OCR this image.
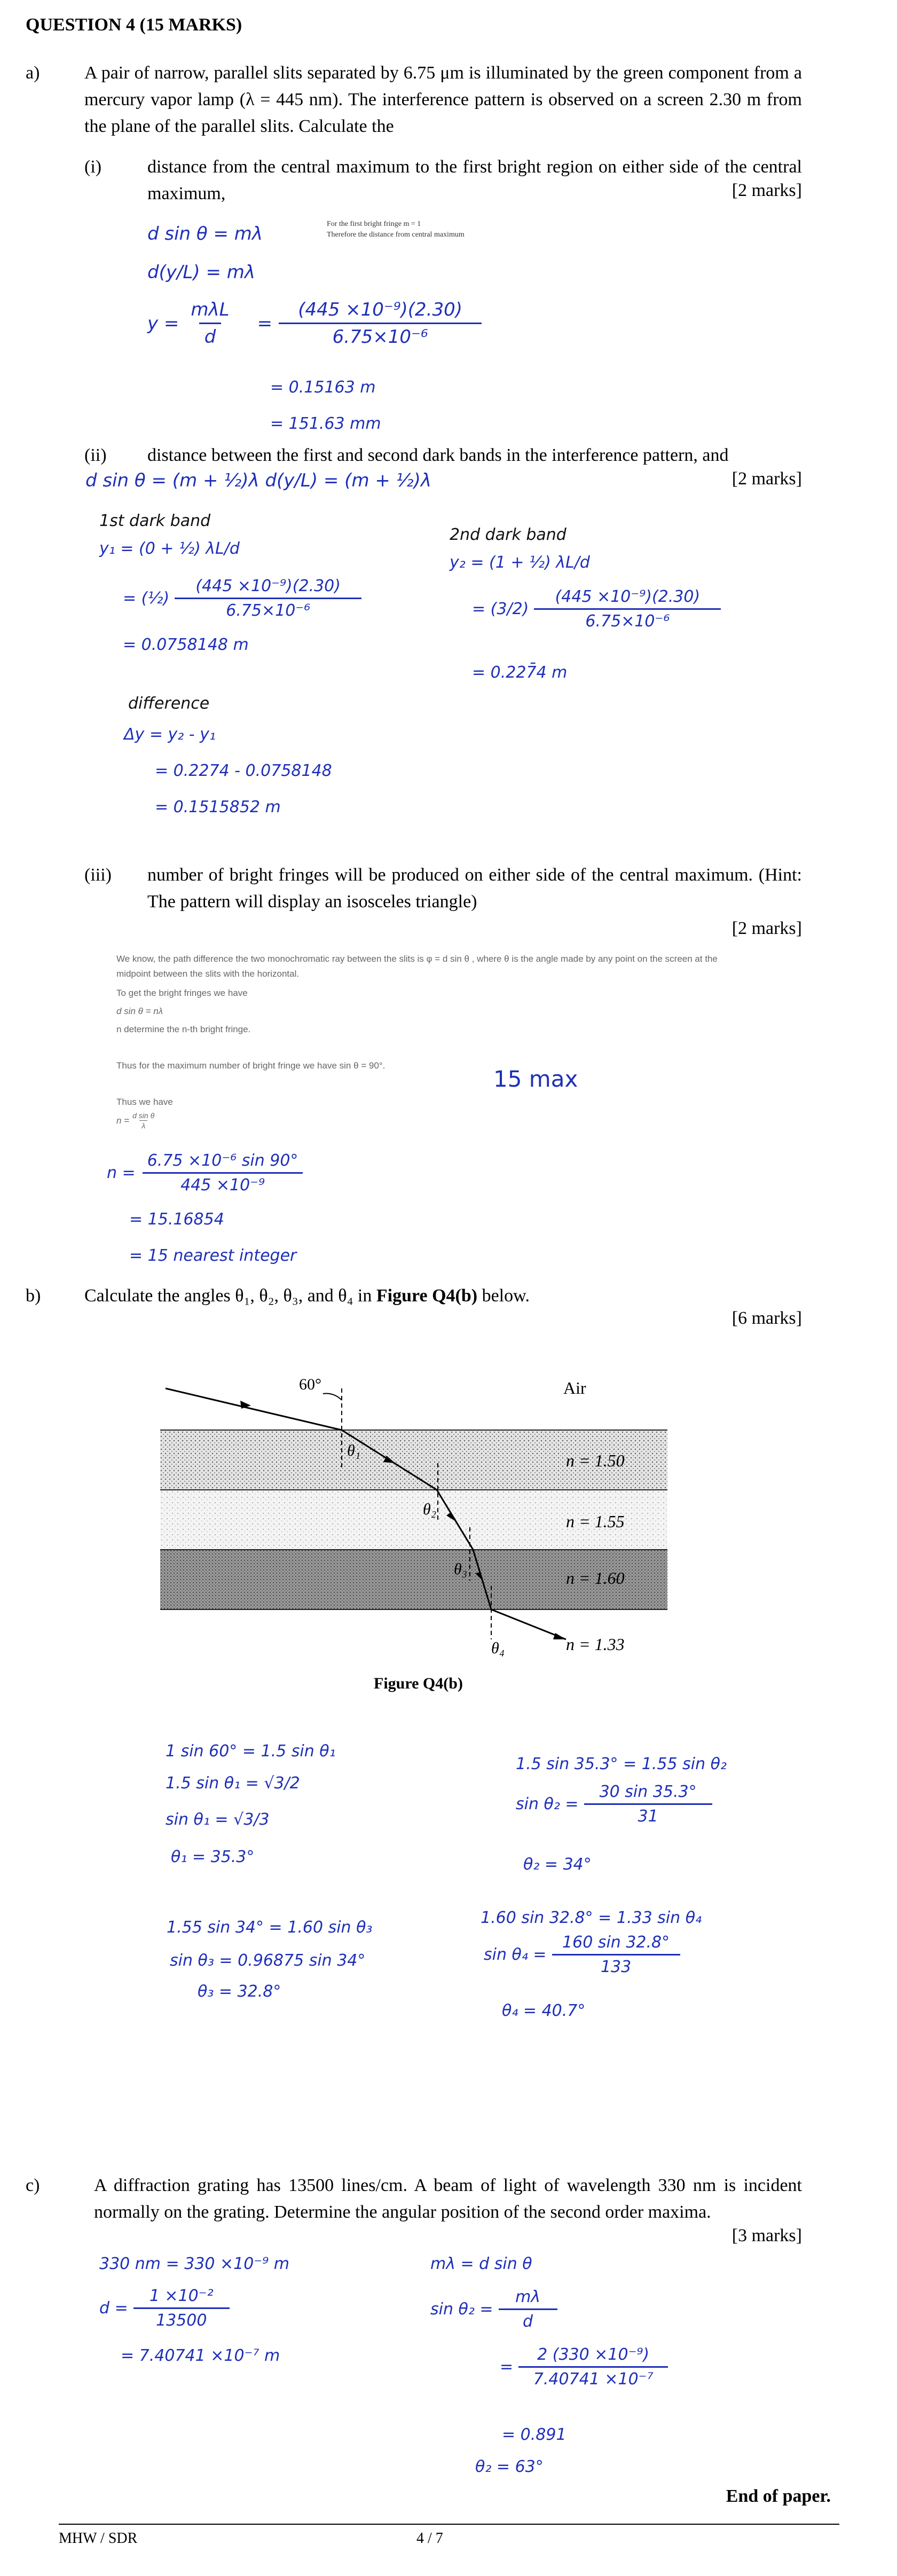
QUESTION 4 (15 MARKS)
a) A pair of narrow, parallel slits separated by 6.75 μm is illuminated by the green component from a mercury vapor lamp (λ = 445 nm). The interference pattern is observed on a screen 2.30 m from the plane of the parallel slits. Calculate the
(i)	distance from the central maximum to the first bright region on either side of the central maximum,	[2 marks]
d sin θ = mλ	For the first bright fringe m = 1
Therefore the distance from central maximum
d(y/L) = mλ
$y = \frac{\text{mλL}}{d} = \frac{\text{(445 ×10⁻⁹)(2.30)}}{\text{6.75×10⁻⁶}}$
= 0.15163 m
= 151.63 mm
(ii) distance between the first and second dark bands in the interference pattern, and
[2 marks]
d sin θ = (m + ½)λ d(y/L) = (m + ½)λ
1st dark band
y₁ = (0 + ½) λL/d
= (½) $\frac{\text{(445 ×10⁻⁹)(2.30)}}{\text{6.75×10⁻⁶}}$
= 0.0758148 m
2nd dark band
y₂ = (1 + ½) λL/d
= $(3/2) \frac{\text{(445 ×10⁻⁹)(2.30)}}{\text{6.75×10⁻⁶}}$
= 0.227̄4 m
difference
Δy = y₂ - y₁
= 0.2274 - 0.0758148
= 0.1515852 m
(iii) number of bright fringes will be produced on either side of the central maximum. (Hint: The pattern will display an isosceles triangle)
[2 marks]
We know, the path difference the two monochromatic ray between the slits is φ = d sin θ , where θ is the angle made by any point on the screen at the midpoint between the slits with the horizontal.
To get the bright fringes we have
d sin θ = nλ
n determine the n-th bright fringe.
Thus for the maximum number of bright fringe we have sin θ = 90°.
15 max
Thus we have
$n = \frac{\text{d sin θ}}{\lambda}$
$n = \frac{\text{6.75 ×10⁻⁶ sin 90°}}{\text{445 ×10⁻⁹}}$
= 15.16854
= 15 nearest integer
b) Calculate the angles θ₁, θ₂, θ₃, and θ₄ in Figure Q4(b) below.
[6 marks]
60°	Air
n = 1.50
n = 1.55
n = 1.60
n = 1.33
θ₁
θ₂
θ₃
θ₄
Figure Q4(b)
1 sin 60° = 1.5 sin θ₁
1.5 sin θ₁ = √3/2
sin θ₁ = √3/3
θ₁ = 35.3°
1.5 sin 35.3° = 1.55 sin θ₂
$\sin \theta_2 = \frac{30 \sin 35.3^\circ}{31}$
θ₂ = 34°
1.55 sin 34° = 1.60 sin θ₃
sin θ₃ = 0.96875 sin 34°
θ₃ = 32.8°
1.60 sin 32.8° = 1.33 sin θ₄
$\sin \theta_4 = \frac{160 \sin 32.8^\circ}{133}$
θ₄ = 40.7°
c)	A diffraction grating has 13500 lines/cm. A beam of light of wavelength 330 nm is incident normally on the grating. Determine the angular position of the second order maxima.
[3 marks]
330 nm = 330 ×10⁻⁹ m
$d = \frac{\text{1 ×10⁻²}}{13500}$
= 7.40741 ×10⁻⁷ m
mλ = d sin θ
$\sin \theta_2 = \frac{m\lambda}{d}$
= $\frac{\text{2 (330 ×10⁻⁹)}}{\text{7.40741 ×10⁻⁷}}$
= 0.891
θ₂ = 63°
End of paper.
MHW / SDR	4 / 7
